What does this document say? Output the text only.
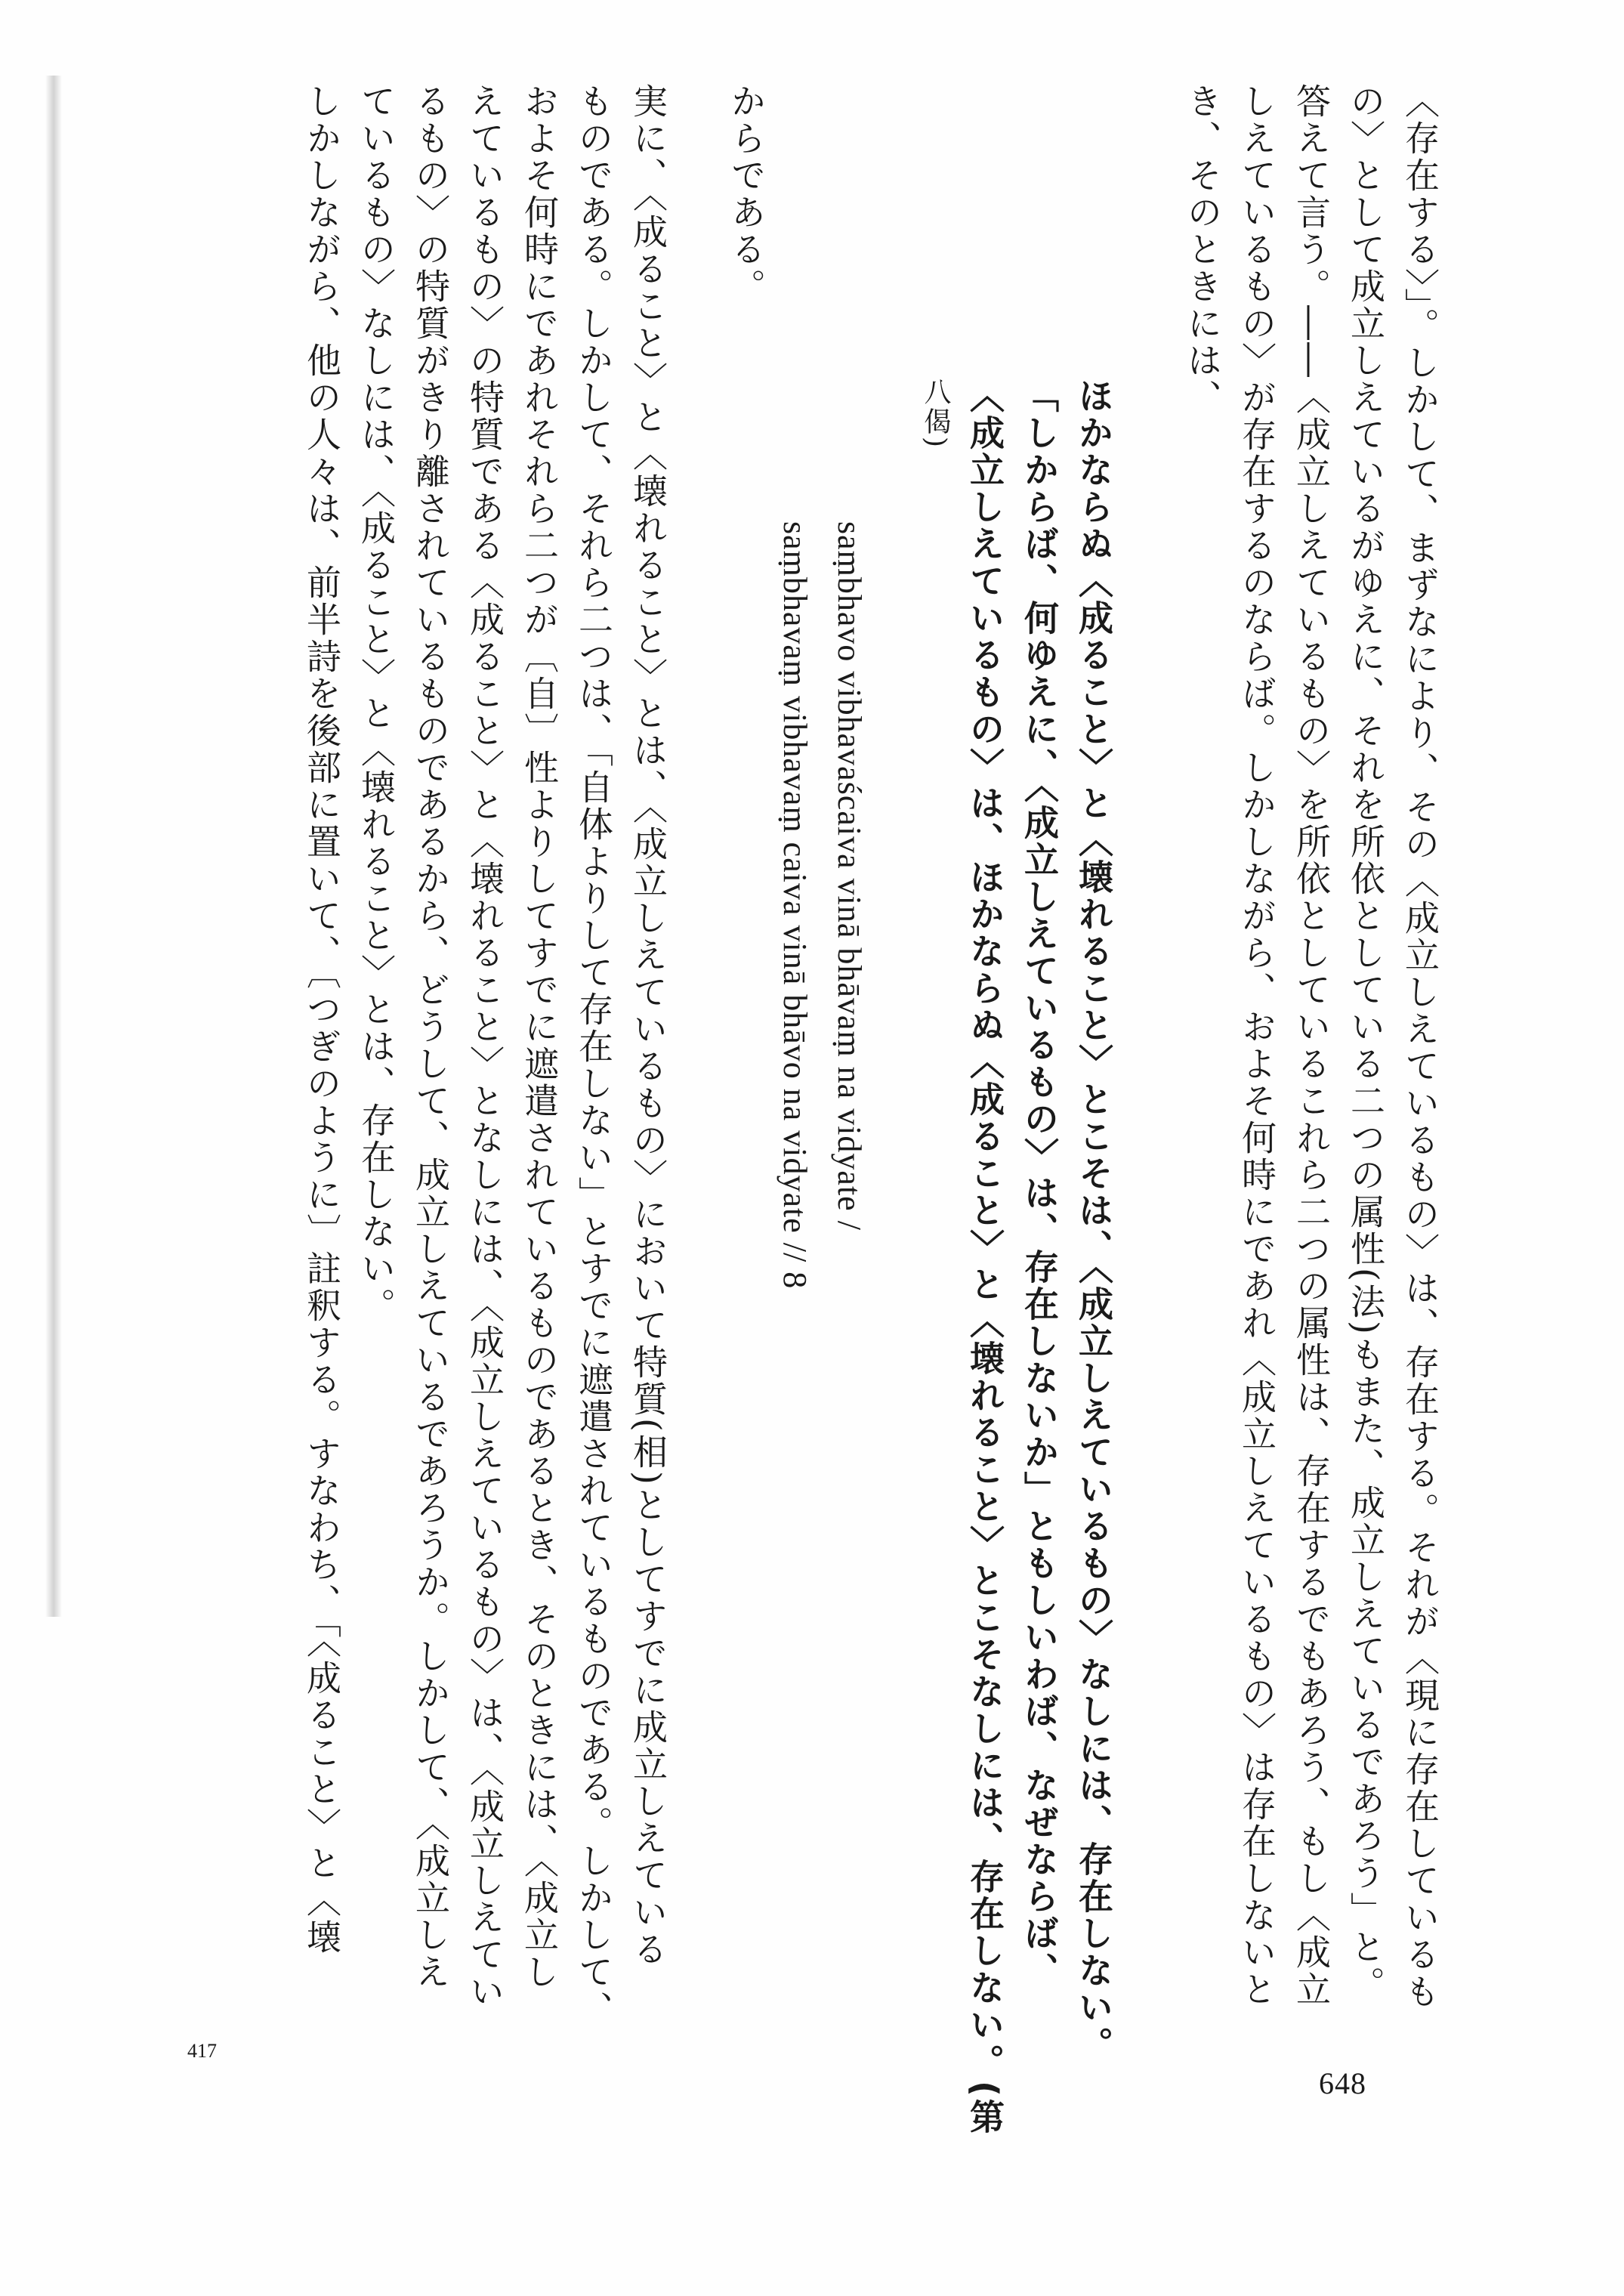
〈存在する〉」。しかして、まずなにより、その〈成立しえているもの〉は、存在する。それが〈現に存在しているも
の〉として成立しえているがゆえに、それを所依としている二つの属性(法)もまた、成立しえているであろう」と。
答えて言う。――〈成立しえているもの〉を所依としているこれら二つの属性は、存在するでもあろう、もし〈成立
しえているもの〉が存在するのならば。しかしながら、およそ何時にであれ〈成立しえているもの〉は存在しないと
き、そのときには、
ほかならぬ〈成ること〉と〈壊れること〉とこそは、〈成立しえているもの〉なしには、存在しない。
「しからば、何ゆえに、〈成立しえているもの〉は、存在しないか」ともしいわば、なぜならば、
〈成立しえているもの〉は、ほかならぬ〈成ること〉と〈壊れること〉とこそなしには、存在しない。(第
八偈)
saṃbhavo vibhavaścaiva vinā bhāvaṃ na vidyate /
saṃbhavaṃ vibhavaṃ caiva vinā bhāvo na vidyate // 8
からである。
実に、〈成ること〉と〈壊れること〉とは、〈成立しえているもの〉において特質(相)としてすでに成立しえている
ものである。しかして、それら二つは、「自体よりして存在しない」とすでに遮遣されているものである。しかして、
およそ何時にであれそれら二つが〔自〕性よりしてすでに遮遣されているものであるとき、そのときには、〈成立し
えているもの〉の特質である〈成ること〉と〈壊れること〉となしには、〈成立しえているもの〉は、〈成立しえてい
るもの〉の特質がきり離されているものであるから、どうして、成立しえているであろうか。しかして、〈成立しえ
ているもの〉なしには、〈成ること〉と〈壊れること〉とは、存在しない。
しかしながら、他の人々は、前半詩を後部に置いて、〔つぎのように〕註釈する。すなわち、「〈成ること〉と〈壊
648
417
